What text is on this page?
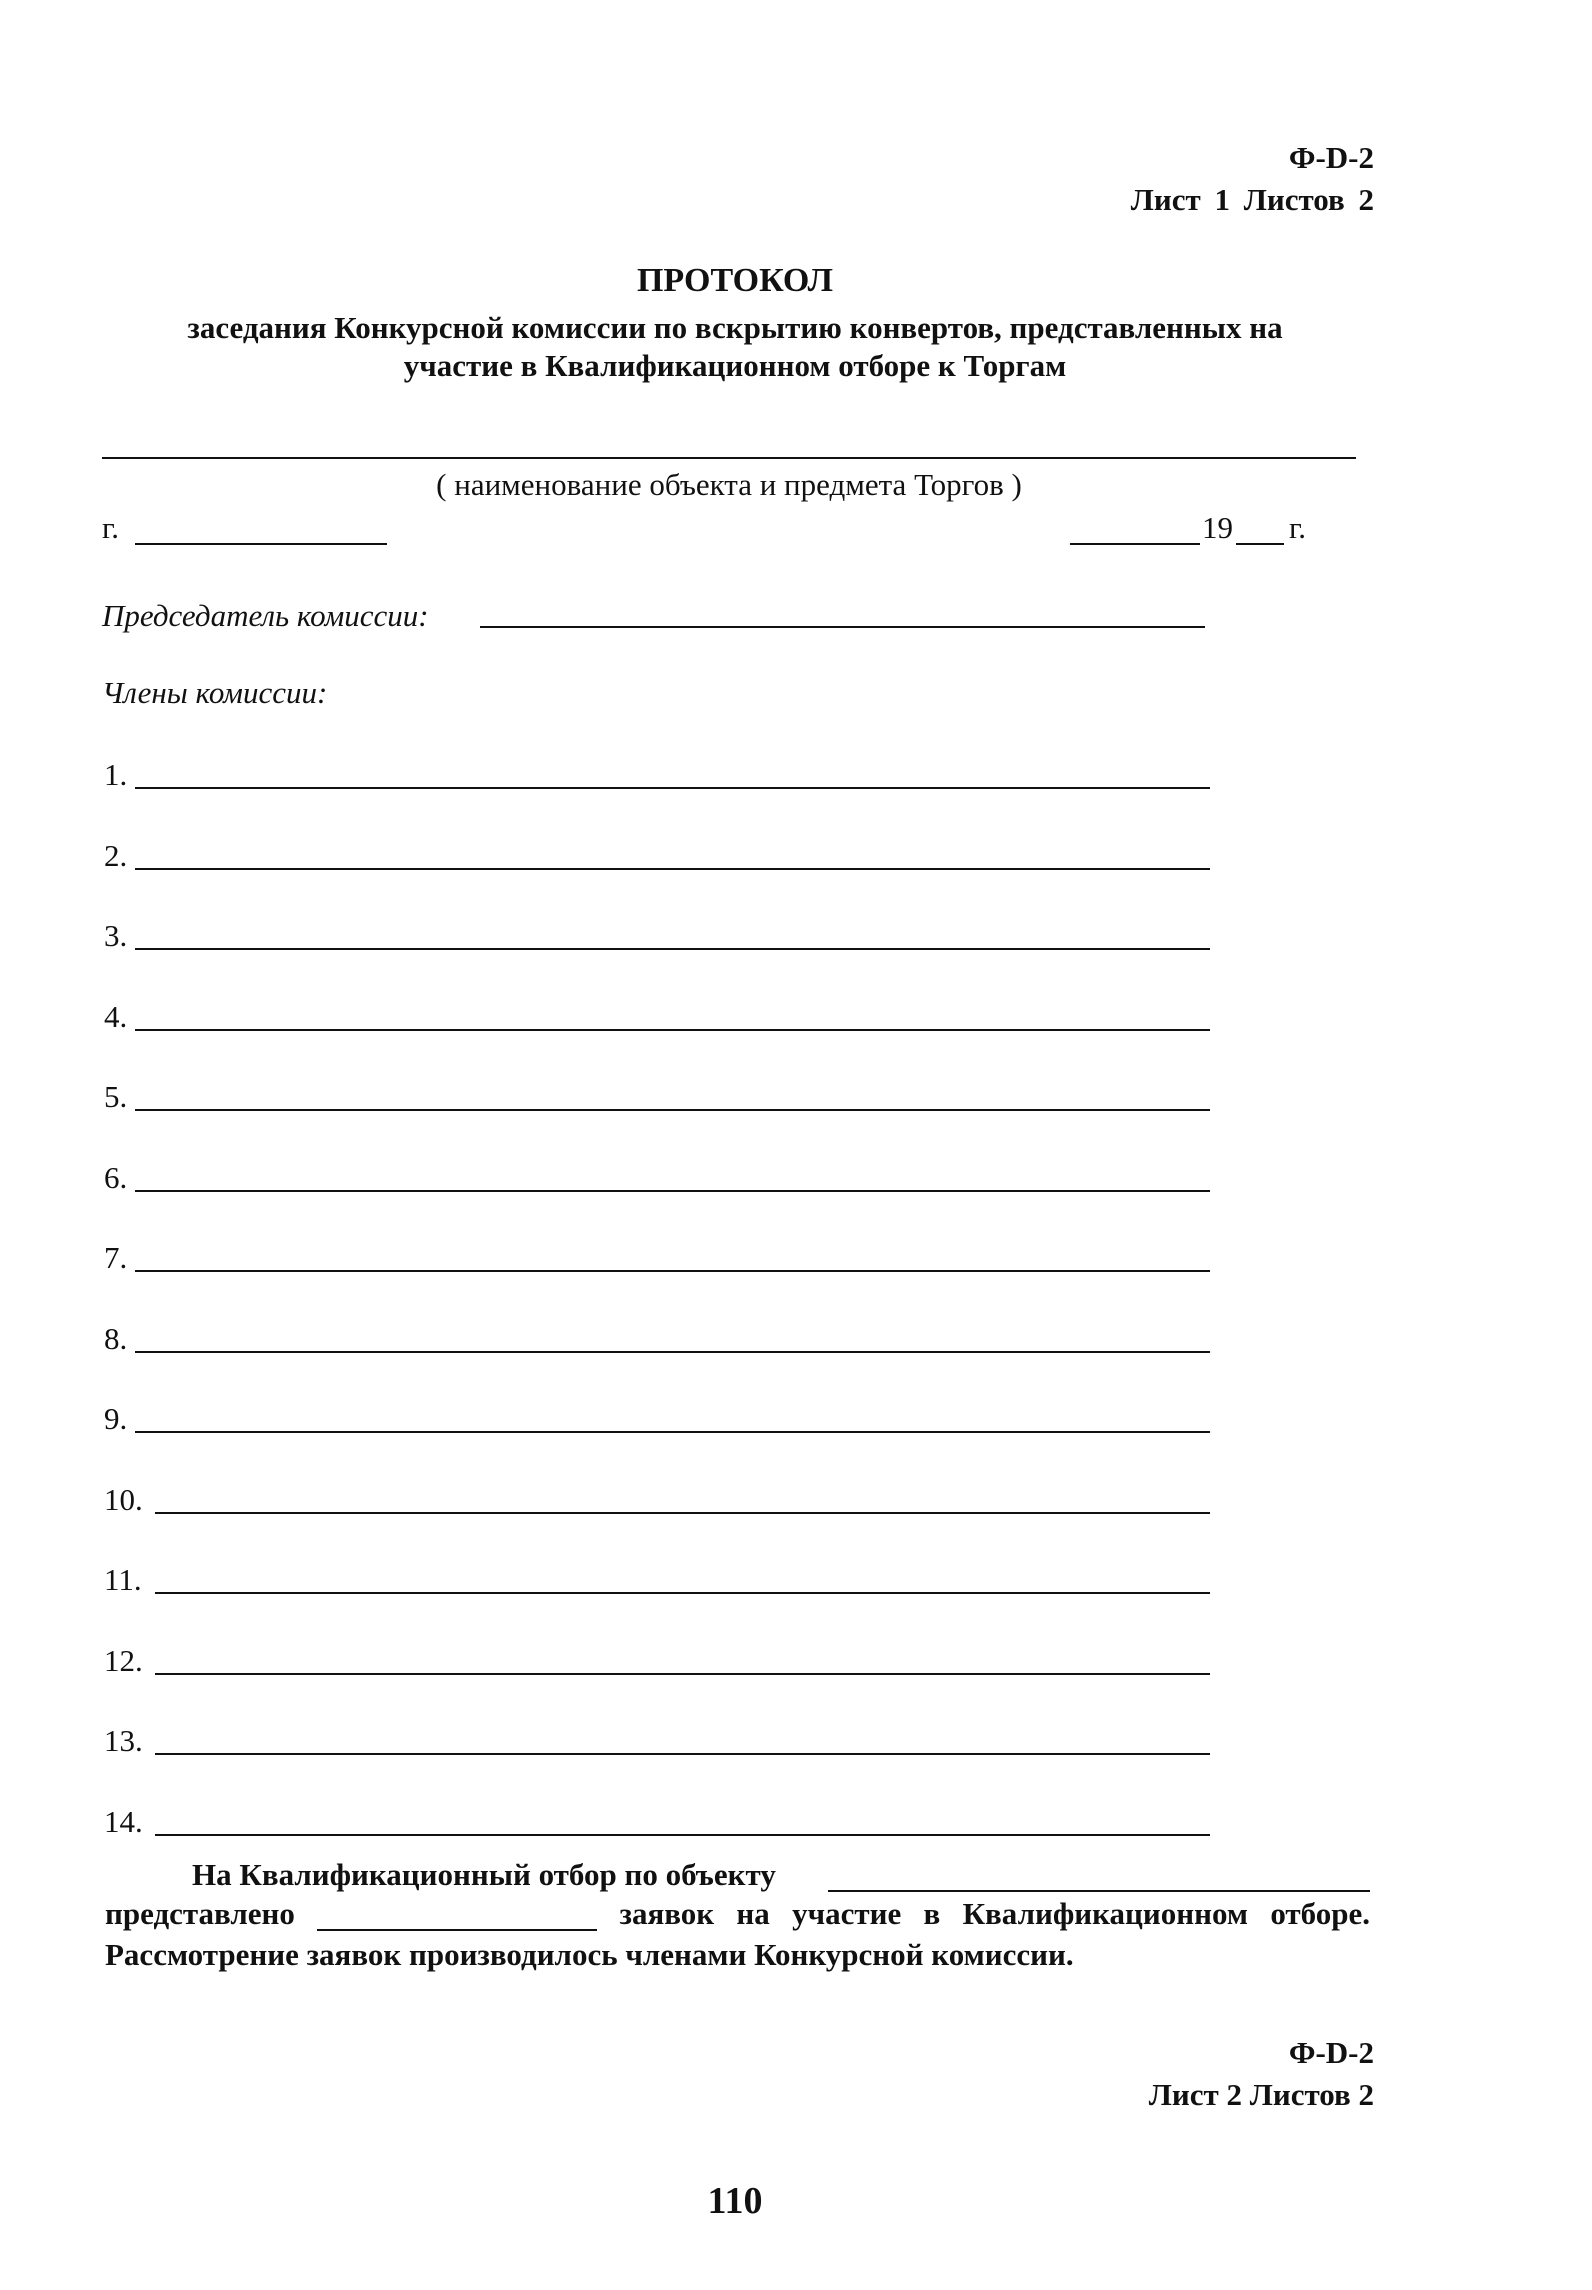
Ф-D-2
Лист 1 Листов 2
ПРОТОКОЛ
заседания Конкурсной комиссии по вскрытию конвертов, представленных на
участие в Квалификационном отборе к Торгам
( наименование объекта и предмета Торгов )
г.	19 г.
Председатель комиссии:
Члены комиссии:
1.
2.
3.
4.
5.
6.
7.
8.
9.
10.
11.
12.
13.
14.
На Квалификационный отбор по объекту
представлено	заявок на участие в Квалификационном отборе.
Рассмотрение заявок производилось членами Конкурсной комиссии.
Ф-D-2
Лист 2 Листов 2
110
